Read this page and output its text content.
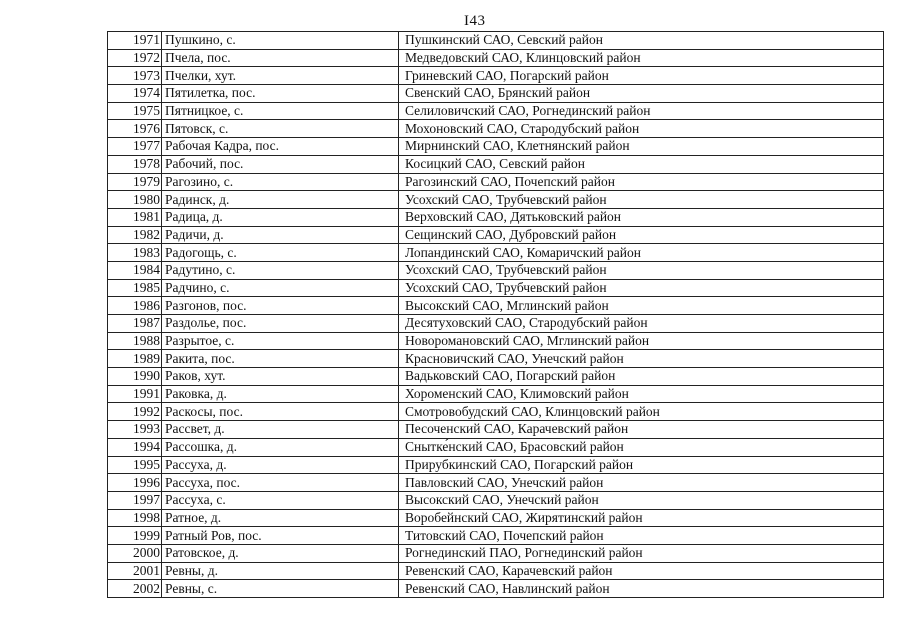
I43
1971	Пушкино, с.	Пушкинский САО, Севский район
1972	Пчела, пос.	Медведовский САО, Клинцовский район
1973	Пчелки, хут.	Гриневский САО, Погарский район
1974	Пятилетка, пос.	Свенский САО, Брянский район
1975	Пятницкое, с.	Селиловичский САО, Рогнединский район
1976	Пятовск, с.	Мохоновский САО, Стародубский район
1977	Рабочая Кадра, пос.	Мирнинский САО, Клетнянский район
1978	Рабочий, пос.	Косицкий САО, Севский район
1979	Рагозино, с.	Рагозинский САО, Почепский район
1980	Радинск, д.	Усохский САО, Трубчевский район
1981	Радица, д.	Верховский САО, Дятьковский район
1982	Радичи, д.	Сещинский САО, Дубровский район
1983	Радогощь, с.	Лопандинский САО, Комаричский район
1984	Радутино, с.	Усохский САО, Трубчевский район
1985	Радчино, с.	Усохский САО, Трубчевский район
1986	Разгонов, пос.	Высокский САО, Мглинский район
1987	Раздолье, пос.	Десятуховский САО, Стародубский район
1988	Разрытое, с.	Новоромановский САО, Мглинский район
1989	Ракита, пос.	Красновичский САО, Унечский район
1990	Раков, хут.	Вадьковский САО, Погарский район
1991	Раковка, д.	Хороменский САО, Климовский район
1992	Раскосы, пос.	Смотровобудский САО, Клинцовский район
1993	Рассвет, д.	Песоченский САО, Карачевский район
1994	Рассошка, д.	Снытке́нский САО, Брасовский район
1995	Рассуха, д.	Прирубкинский САО, Погарский район
1996	Рассуха, пос.	Павловский САО, Унечский район
1997	Рассуха, с.	Высокский САО, Унечский район
1998	Ратное, д.	Воробейнский САО, Жирятинский район
1999	Ратный Ров, пос.	Титовский САО, Почепский район
2000	Ратовское, д.	Рогнединский ПАО, Рогнединский район
2001	Ревны, д.	Ревенский САО, Карачевский район
2002	Ревны, с.	Ревенский САО, Навлинский район
